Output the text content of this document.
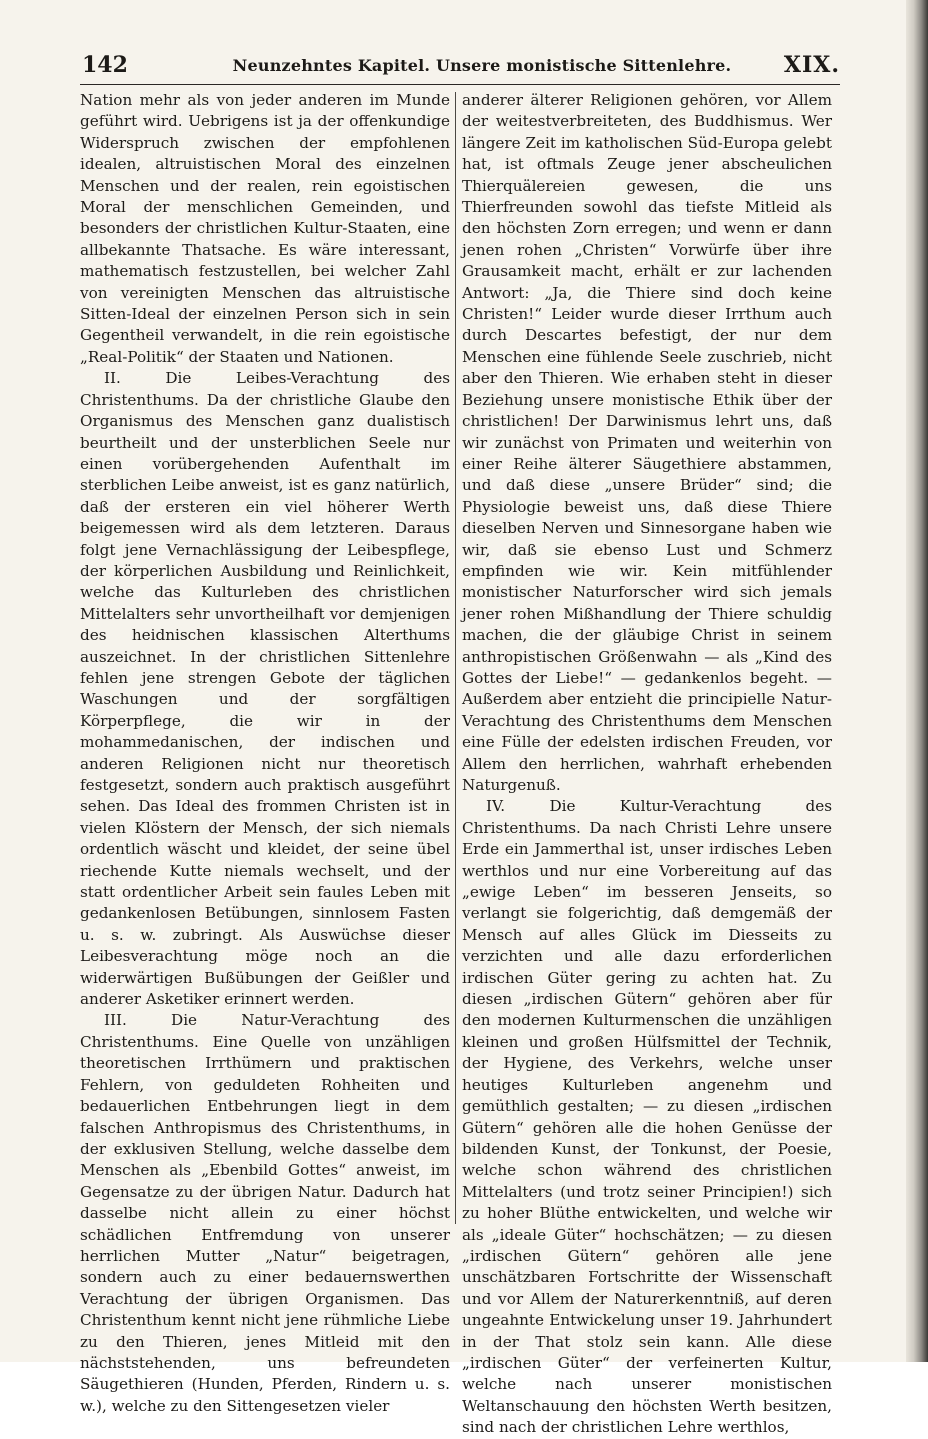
142	Neunzehntes Kapitel. Unsere monistische Sittenlehre.	XIX.

Nation mehr als von jeder anderen im Munde geführt wird. Uebrigens ist ja der offenkundige Widerspruch zwischen der empfohlenen idealen, altruistischen Moral des einzelnen Menschen und der realen, rein egoistischen Moral der menschlichen Gemeinden, und besonders der christlichen Kultur-Staaten, eine allbekannte Thatsache. Es wäre interessant, mathematisch festzustellen, bei welcher Zahl von vereinigten Menschen das altruistische Sitten-Ideal der einzelnen Person sich in sein Gegentheil verwandelt, in die rein egoistische „Real-Politik“ der Staaten und Nationen.

II. Die Leibes-Verachtung des Christenthums. Da der christliche Glaube den Organismus des Menschen ganz dualistisch beurtheilt und der unsterblichen Seele nur einen vorübergehenden Aufenthalt im sterblichen Leibe anweist, ist es ganz natürlich, daß der ersteren ein viel höherer Werth beigemessen wird als dem letzteren. Daraus folgt jene Vernachlässigung der Leibespflege, der körperlichen Ausbildung und Reinlichkeit, welche das Kulturleben des christlichen Mittelalters sehr unvortheilhaft vor demjenigen des heidnischen klassischen Alterthums auszeichnet. In der christlichen Sittenlehre fehlen jene strengen Gebote der täglichen Waschungen und der sorgfältigen Körperpflege, die wir in der mohammedanischen, der indischen und anderen Religionen nicht nur theoretisch festgesetzt, sondern auch praktisch ausgeführt sehen. Das Ideal des frommen Christen ist in vielen Klöstern der Mensch, der sich niemals ordentlich wäscht und kleidet, der seine übel riechende Kutte niemals wechselt, und der statt ordentlicher Arbeit sein faules Leben mit gedankenlosen Betübungen, sinnlosem Fasten u. s. w. zubringt. Als Auswüchse dieser Leibesverachtung möge noch an die widerwärtigen Bußübungen der Geißler und anderer Asketiker erinnert werden.

III. Die Natur-Verachtung des Christenthums. Eine Quelle von unzähligen theoretischen Irrthümern und praktischen Fehlern, von geduldeten Rohheiten und bedauerlichen Entbehrungen liegt in dem falschen Anthropismus des Christenthums, in der exklusiven Stellung, welche dasselbe dem Menschen als „Ebenbild Gottes“ anweist, im Gegensatze zu der übrigen Natur. Dadurch hat dasselbe nicht allein zu einer höchst schädlichen Entfremdung von unserer herrlichen Mutter „Natur“ beigetragen, sondern auch zu einer bedauernswerthen Verachtung der übrigen Organismen. Das Christenthum kennt nicht jene rühmliche Liebe zu den Thieren, jenes Mitleid mit den nächststehenden, uns befreundeten Säugethieren (Hunden, Pferden, Rindern u. s. w.), welche zu den Sittengesetzen vieler

anderer älterer Religionen gehören, vor Allem der weitestverbreiteten, des Buddhismus. Wer längere Zeit im katholischen Süd-Europa gelebt hat, ist oftmals Zeuge jener abscheulichen Thierquälereien gewesen, die uns Thierfreunden sowohl das tiefste Mitleid als den höchsten Zorn erregen; und wenn er dann jenen rohen „Christen“ Vorwürfe über ihre Grausamkeit macht, erhält er zur lachenden Antwort: „Ja, die Thiere sind doch keine Christen!“ Leider wurde dieser Irrthum auch durch Descartes befestigt, der nur dem Menschen eine fühlende Seele zuschrieb, nicht aber den Thieren. Wie erhaben steht in dieser Beziehung unsere monistische Ethik über der christlichen! Der Darwinismus lehrt uns, daß wir zunächst von Primaten und weiterhin von einer Reihe älterer Säugethiere abstammen, und daß diese „unsere Brüder“ sind; die Physiologie beweist uns, daß diese Thiere dieselben Nerven und Sinnesorgane haben wie wir, daß sie ebenso Lust und Schmerz empfinden wie wir. Kein mitfühlender monistischer Naturforscher wird sich jemals jener rohen Mißhandlung der Thiere schuldig machen, die der gläubige Christ in seinem anthropistischen Größenwahn — als „Kind des Gottes der Liebe!“ — gedankenlos begeht. — Außerdem aber entzieht die principielle Natur-Verachtung des Christenthums dem Menschen eine Fülle der edelsten irdischen Freuden, vor Allem den herrlichen, wahrhaft erhebenden Naturgenuß.

IV. Die Kultur-Verachtung des Christenthums. Da nach Christi Lehre unsere Erde ein Jammerthal ist, unser irdisches Leben werthlos und nur eine Vorbereitung auf das „ewige Leben“ im besseren Jenseits, so verlangt sie folgerichtig, daß demgemäß der Mensch auf alles Glück im Diesseits zu verzichten und alle dazu erforderlichen irdischen Güter gering zu achten hat. Zu diesen „irdischen Gütern“ gehören aber für den modernen Kulturmenschen die unzähligen kleinen und großen Hülfsmittel der Technik, der Hygiene, des Verkehrs, welche unser heutiges Kulturleben angenehm und gemüthlich gestalten; — zu diesen „irdischen Gütern“ gehören alle die hohen Genüsse der bildenden Kunst, der Tonkunst, der Poesie, welche schon während des christlichen Mittelalters (und trotz seiner Principien!) sich zu hoher Blüthe entwickelten, und welche wir als „ideale Güter“ hochschätzen; — zu diesen „irdischen Gütern“ gehören alle jene unschätzbaren Fortschritte der Wissenschaft und vor Allem der Naturerkenntniß, auf deren ungeahnte Entwickelung unser 19. Jahrhundert in der That stolz sein kann. Alle diese „irdischen Güter“ der verfeinerten Kultur, welche nach unserer monistischen Weltanschauung den höchsten Werth besitzen, sind nach der christlichen Lehre werthlos,
